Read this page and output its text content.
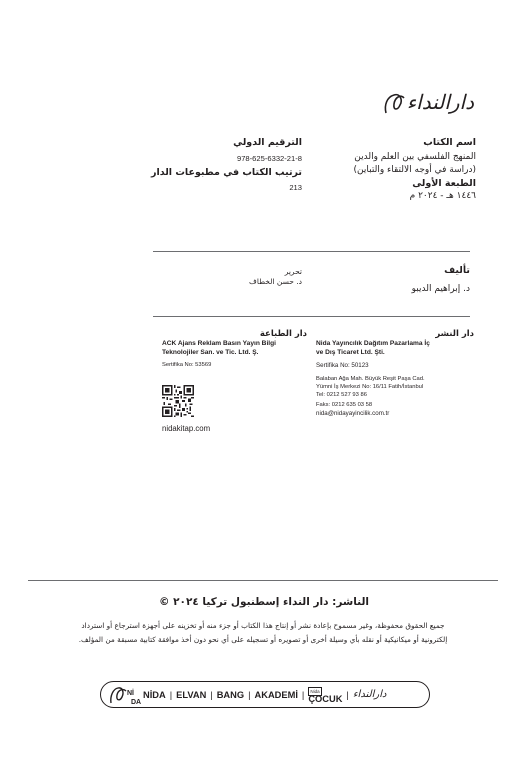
دارالنداء
اسم الكتاب
المنهج الفلسفي بين العلم والدين
(دراسة في أوجه الالتقاء والتباين)
الطبعة الأولى
١٤٤٦ هـ - ٢٠٢٤ م
الترقيم الدولي
978-625-6332-21-8
ترتيب الكتاب في مطبوعات الدار
213
تأليف
د. إبراهيم الديبو
تحرير
د. حسن الخطاف
دار النشر
Nida Yayıncılık Dağıtım Pazarlama İç
ve Dış Ticaret Ltd. Şti.
Sertifika No: 50123
Balaban Ağa Mah. Büyük Reşit Paşa Cad.
Yümni İş Merkezi No: 16/11 Fatih/İstanbul
Tel: 0212 527 93 86
Faks: 0212 635 03 58
nida@nidayayincilik.com.tr
دار الطباعة
ACK Ajans Reklam Basın Yayın Bilgi
Teknolojiler San. ve Tic. Ltd. Ş.
Sertifika No: 53569
nidakitap.com
الناشر: دار النداء إسطنبول تركيا ٢٠٢٤ ©
جميع الحقوق محفوظة، وغير مسموح بإعادة نشر أو إنتاج هذا الكتاب أو جزء منه أو تخزينه على أجهزة استرجاع أو استرداد
إلكترونية أو ميكانيكية أو نقله بأي وسيلة أخرى أو تصويره أو تسجيله على أي نحو دون أخذ موافقة كتابية مسبقة من المؤلف.
Nİ
DA
NİDA | ELVAN | BANG | AKADEMİ |	Nida
ÇOCUK | دارالنداء
